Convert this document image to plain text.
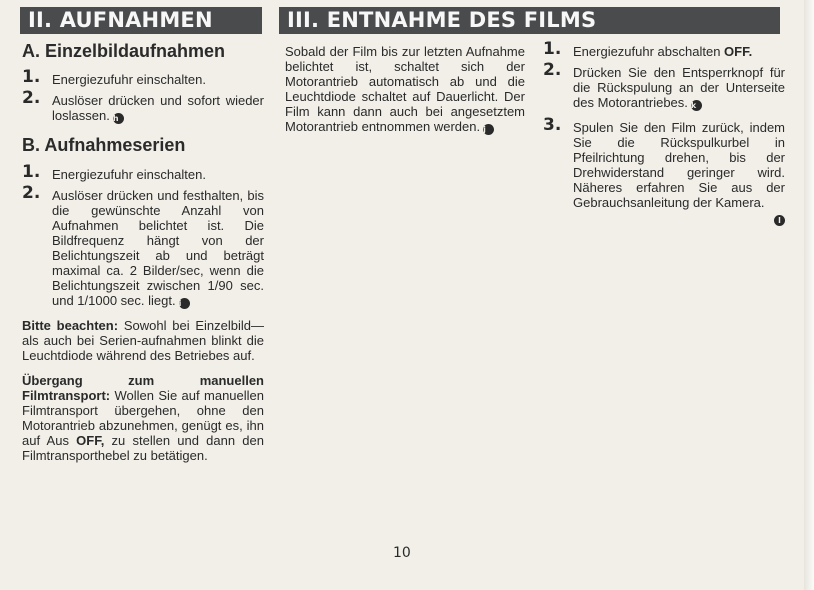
II. AUFNAHMEN	III. ENTNAHME DES FILMS
A. Einzelbildaufnahmen
1. Energiezufuhr einschalten.
2. Auslöser drücken und sofort wieder loslassen. h
B. Aufnahmeserien
1. Energiezufuhr einschalten.
2. Auslöser drücken und festhalten, bis die gewünschte Anzahl von Aufnahmen belichtet ist. Die Bildfrequenz hängt von der Belichtungszeit ab und beträgt maximal ca. 2 Bilder/sec, wenn die Belichtungszeit zwischen 1/90 sec. und 1/1000 sec. liegt. i

Bitte beachten: Sowohl bei Einzelbild—als auch bei Serien-aufnahmen blinkt die Leuchtdiode während des Betriebes auf.

Übergang zum manuellen Filmtransport: Wollen Sie auf manuellen Filmtransport übergehen, ohne den Motorantrieb abzunehmen, genügt es, ihn auf Aus OFF, zu stellen und dann den Filmtransporthebel zu betätigen.

Sobald der Film bis zur letzten Aufnahme belichtet ist, schaltet sich der Motorantrieb automatisch ab und die Leuchtdiode schaltet auf Dauerlicht. Der Film kann dann auch bei angesetztem Motorantrieb entnommen werden. j
1. Energiezufuhr abschalten OFF.
2. Drücken Sie den Entsperrknopf für die Rückspulung an der Unterseite des Motorantriebes. k
3. Spulen Sie den Film zurück, indem Sie die Rückspulkurbel in Pfeilrichtung drehen, bis der Drehwiderstand geringer wird. Näheres erfahren Sie aus der Gebrauchsanleitung der Kamera.
l
10
